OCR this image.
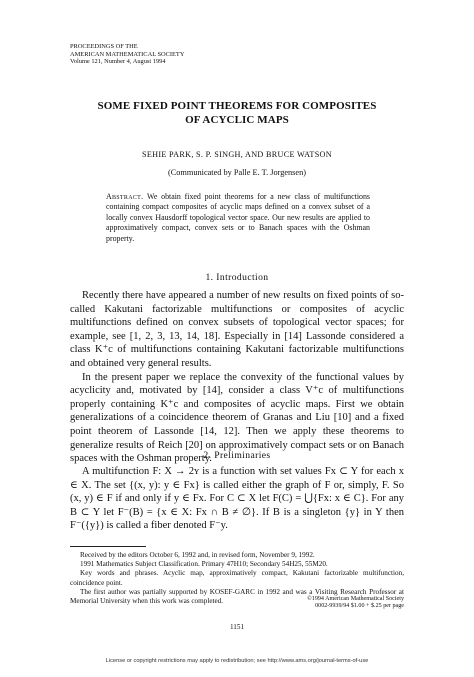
PROCEEDINGS OF THE
AMERICAN MATHEMATICAL SOCIETY
Volume 121, Number 4, August 1994
SOME FIXED POINT THEOREMS FOR COMPOSITES
OF ACYCLIC MAPS
SEHIE PARK, S. P. SINGH, AND BRUCE WATSON
(Communicated by Palle E. T. Jorgensen)
Abstract. We obtain fixed point theorems for a new class of multifunctions containing compact composites of acyclic maps defined on a convex subset of a locally convex Hausdorff topological vector space. Our new results are applied to approximatively compact, convex sets or to Banach spaces with the Oshman property.
1. Introduction

Recently there have appeared a number of new results on fixed points of so-called Kakutani factorizable multifunctions or composites of acyclic multifunctions defined on convex subsets of topological vector spaces; for example, see [1, 2, 3, 13, 14, 18]. Especially in [14] Lassonde considered a class K⁺c of multifunctions containing Kakutani factorizable multifunctions and obtained very general results.

In the present paper we replace the convexity of the functional values by acyclicity and, motivated by [14], consider a class V⁺c of multifunctions properly containing K⁺c and composites of acyclic maps. First we obtain generalizations of a coincidence theorem of Granas and Liu [10] and a fixed point theorem of Lassonde [14, 12]. Then we apply these theorems to generalize results of Reich [20] on approximatively compact sets or on Banach spaces with the Oshman property.

2. Preliminaries

A multifunction F: X → 2ʏ is a function with set values Fx ⊂ Y for each x ∈ X. The set {(x, y): y ∈ Fx} is called either the graph of F or, simply, F. So (x, y) ∈ F if and only if y ∈ Fx. For C ⊂ X let F(C) = ⋃{Fx: x ∈ C}. For any B ⊂ Y let F⁻(B) = {x ∈ X: Fx ∩ B ≠ ∅}. If B is a singleton {y} in Y then F⁻({y}) is called a fiber denoted F⁻y.

Received by the editors October 6, 1992 and, in revised form, November 9, 1992.

1991 Mathematics Subject Classification. Primary 47H10; Secondary 54H25, 55M20.

Key words and phrases. Acyclic map, approximatively compact, Kakutani factorizable multifunction, coincidence point.

The first author was partially supported by KOSEF-GARC in 1992 and was a Visiting Research Professor at Memorial University when this work was completed.	©1994 American Mathematical Society
0002-9939/94 $1.00 + $.25 per page
1151
License or copyright restrictions may apply to redistribution; see http://www.ams.org/journal-terms-of-use
